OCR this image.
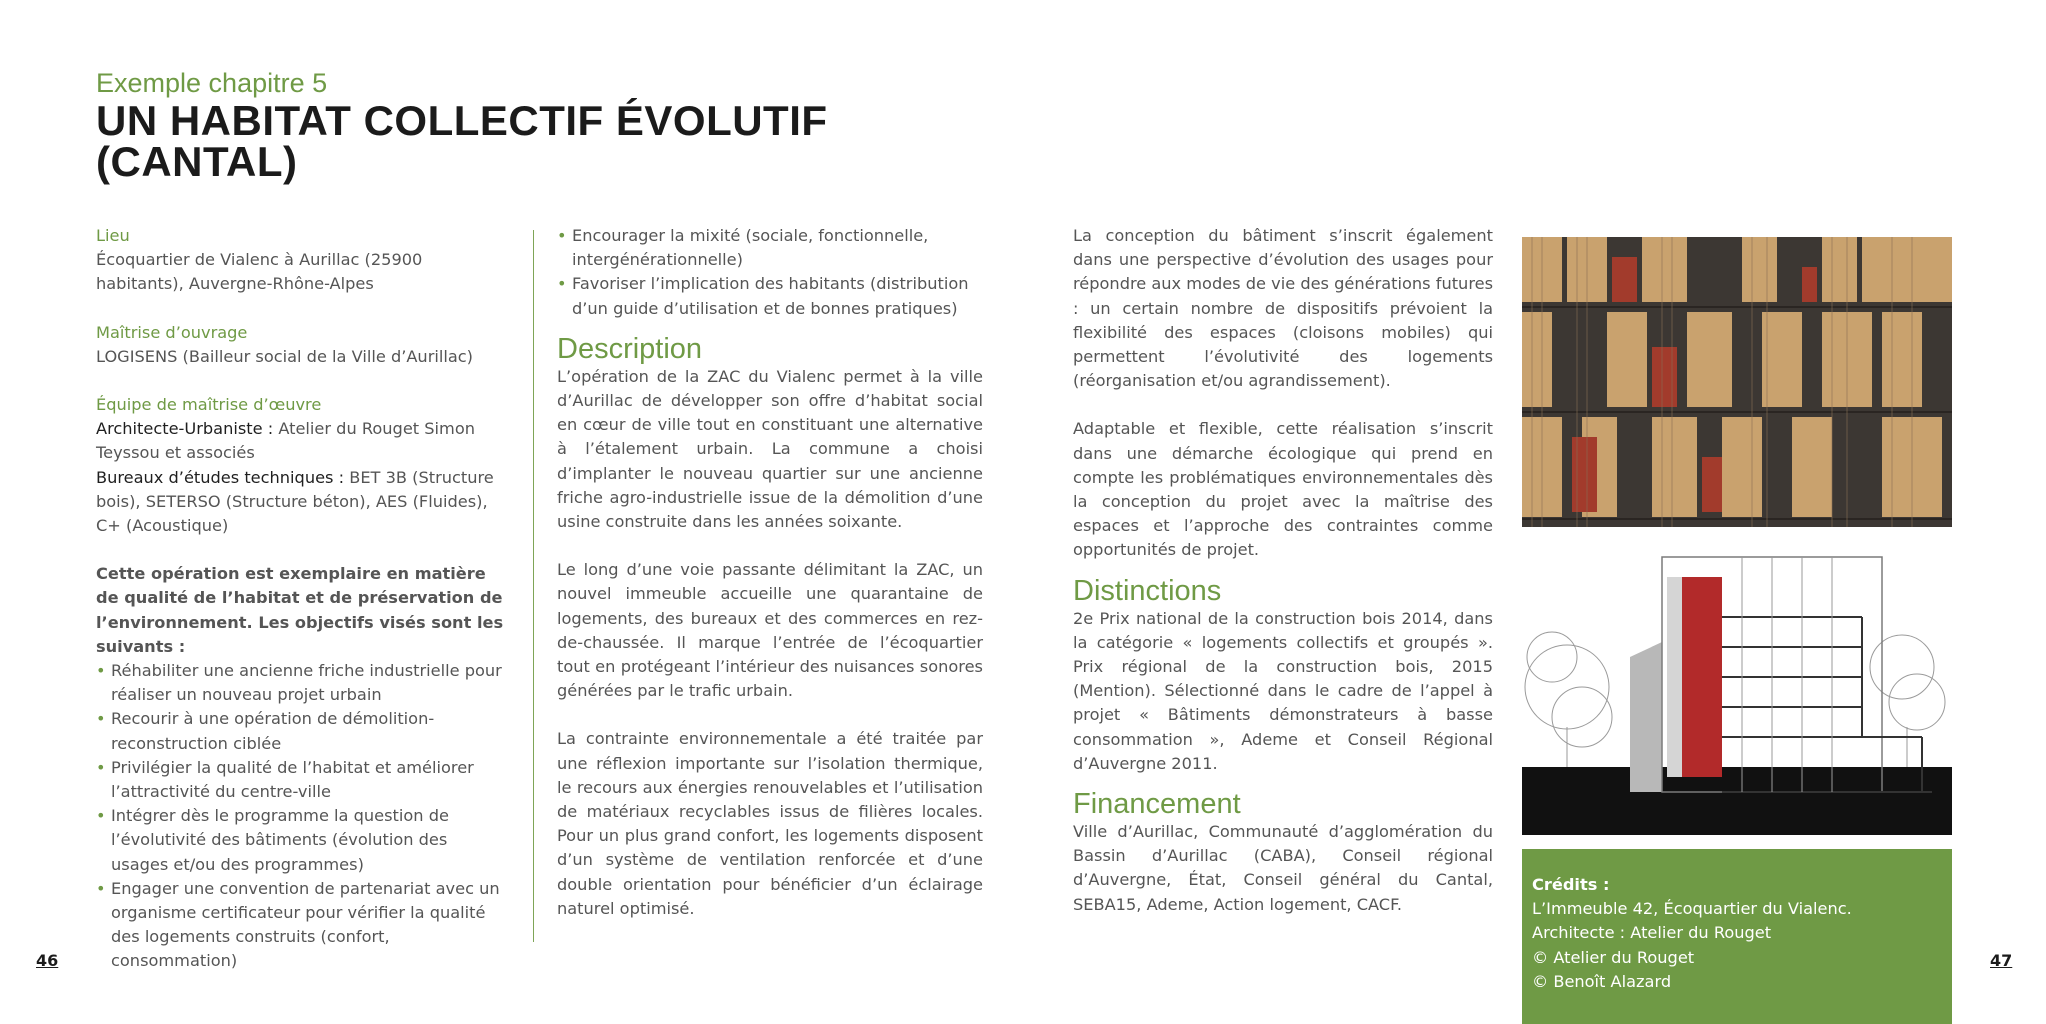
Exemple chapitre 5
UN HABITAT COLLECTIF ÉVOLUTIF
(CANTAL)
Lieu
Écoquartier de Vialenc à Aurillac (25900 habitants), Auvergne-Rhône-Alpes
Maîtrise d’ouvrage
LOGISENS (Bailleur social de la Ville d’Aurillac)
Équipe de maîtrise d’œuvre
Architecte-Urbaniste : Atelier du Rouget Simon Teyssou et associés
Bureaux d’études techniques : BET 3B (Structure bois), SETERSO (Structure béton), AES (Fluides), C+ (Acoustique)
Cette opération est exemplaire en matière de qualité de l’habitat et de préservation de l’environnement. Les objectifs visés sont les suivants :
• Réhabiliter une ancienne friche industrielle pour réaliser un nouveau projet urbain
• Recourir à une opération de démolition-reconstruction ciblée
• Privilégier la qualité de l’habitat et améliorer l’attractivité du centre-ville
• Intégrer dès le programme la question de l’évolutivité des bâtiments (évolution des usages et/ou des programmes)
• Engager une convention de partenariat avec un organisme certificateur pour vérifier la qualité des logements construits (confort, consommation)
• Encourager la mixité (sociale, fonctionnelle, intergénérationnelle)
• Favoriser l’implication des habitants (distribution d’un guide d’utilisation et de bonnes pratiques)
Description
L’opération de la ZAC du Vialenc permet à la ville d’Aurillac de développer son offre d’habitat social en cœur de ville tout en constituant une alternative à l’étalement urbain. La commune a choisi d’implanter le nouveau quartier sur une ancienne friche agro-industrielle issue de la démolition d’une usine construite dans les années soixante.
Le long d’une voie passante délimitant la ZAC, un nouvel immeuble accueille une quarantaine de logements, des bureaux et des commerces en rez-de-chaussée. Il marque l’entrée de l’écoquartier tout en protégeant l’intérieur des nuisances sonores générées par le trafic urbain.
La contrainte environnementale a été traitée par une réflexion importante sur l’isolation thermique, le recours aux énergies renouvelables et l’utilisation de matériaux recyclables issus de filières locales. Pour un plus grand confort, les logements disposent d’un système de ventilation renforcée et d’une double orientation pour bénéficier d’un éclairage naturel optimisé.
La conception du bâtiment s’inscrit également dans une perspective d’évolution des usages pour répondre aux modes de vie des générations futures : un certain nombre de dispositifs prévoient la flexibilité des espaces (cloisons mobiles) qui permettent l’évolutivité des logements (réorganisation et/ou agrandissement).
Adaptable et flexible, cette réalisation s’inscrit dans une démarche écologique qui prend en compte les problématiques environnementales dès la conception du projet avec la maîtrise des espaces et l’approche des contraintes comme opportunités de projet.
Distinctions
2e Prix national de la construction bois 2014, dans la catégorie « logements collectifs et groupés ». Prix régional de la construction bois, 2015 (Mention). Sélectionné dans le cadre de l’appel à projet « Bâtiments démonstrateurs à basse consommation », Ademe et Conseil Régional d’Auvergne 2011.
Financement
Ville d’Aurillac, Communauté d’agglomération du Bassin d’Aurillac (CABA), Conseil régional d’Auvergne, État, Conseil général du Cantal, SEBA15, Ademe, Action logement, CACF.
Crédits :
L’Immeuble 42, Écoquartier du Vialenc.
Architecte : Atelier du Rouget
© Atelier du Rouget
© Benoît Alazard
46	47
